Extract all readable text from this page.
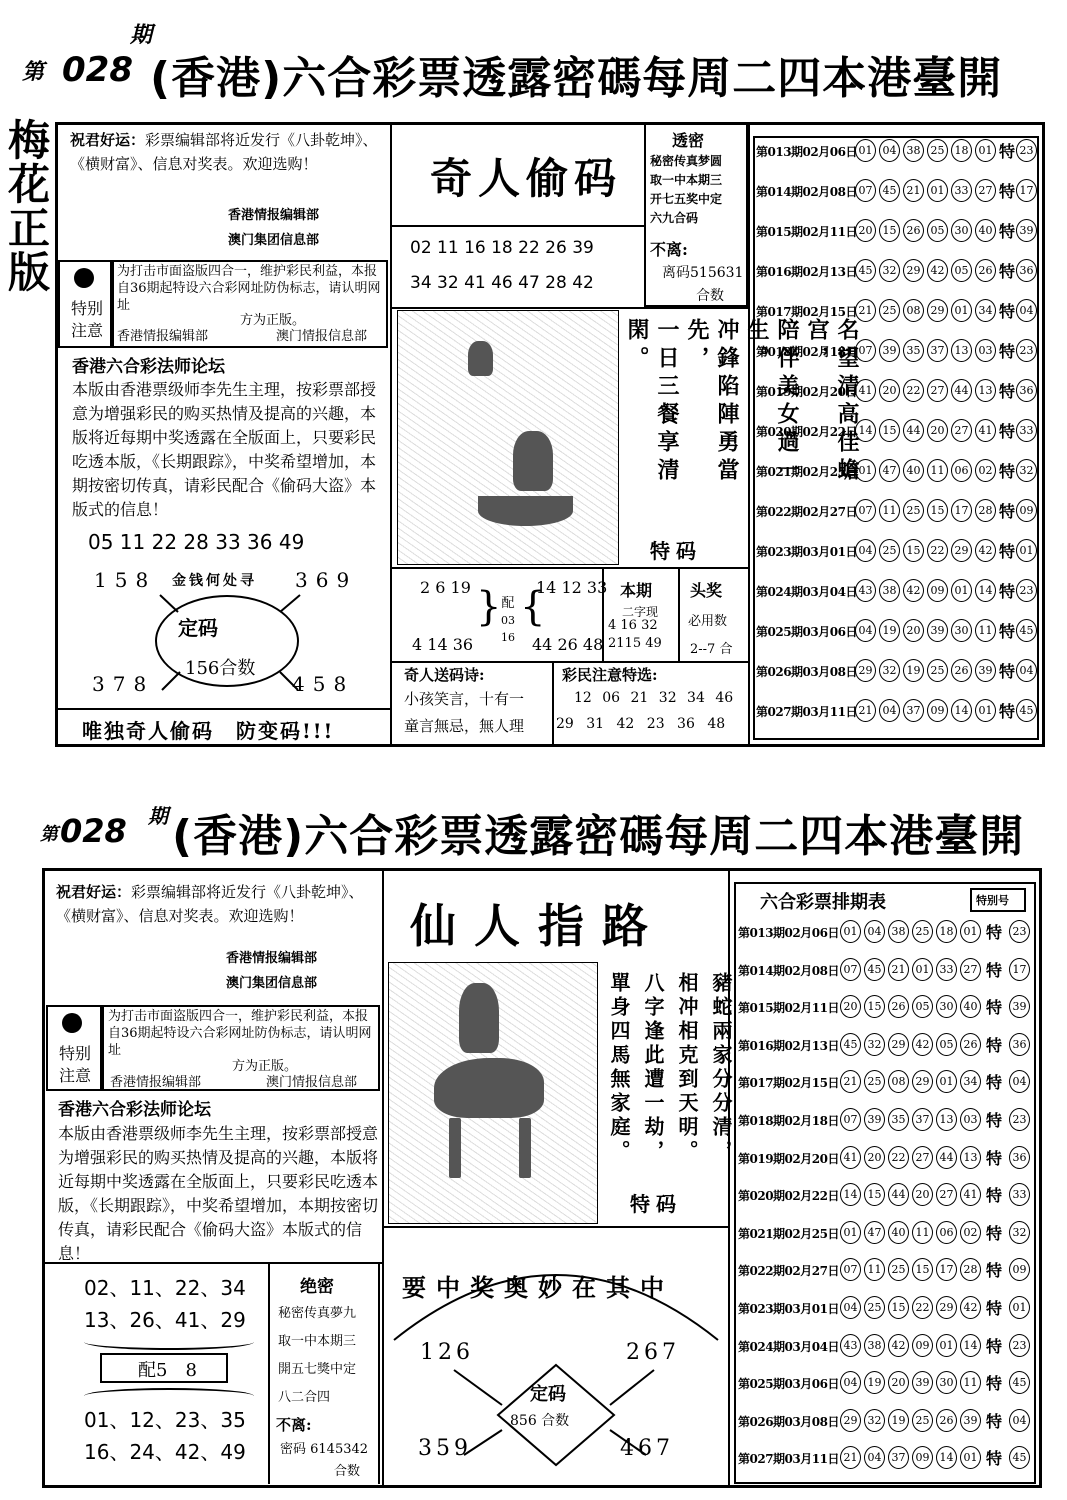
第 028
期
(香港)六合彩票透露密碼每周二四本港臺開
梅花正版 祝君好运：彩票编辑部将近发行《八卦乾坤》、《横财富》、信息对奖表。欢迎选购！
香港情报编辑部
澳门集团信息部
特别注意
为打击市面盗版四合一，维护彩民利益，本报自36期起特设六合彩网址防伪标志，请认明网址
方为正版。
香港情报编辑部	澳门情报信息部
香港六合彩法师论坛
本版由香港票级师李先生主理，按彩票部授意为增强彩民的购买热情及提高的兴趣，本版将近每期中奖透露在全版面上，只要彩民吃透本版，《长期跟踪》，中奖希望增加，本期按密切传真，请彩民配合《偷码大盗》本版式的信息！
05 11 22 28 33 36 49
158	369
378	458
金钱何处寻
定码
156合数
唯独奇人偷码　防变码!!!
奇人偷码
02 11 16 18 22 26 39
34 32 41 46 47 28 42
透密
秘密传真梦圆
取一中本期三
开七五奖中定
六九合码
不离:
离码515631
合数
名望清高佳蟾宫，
陪伴美女過一生。
冲鋒陷陣勇當先，
一日三餐享清閑。
特码
2 6 19
4 14 36
} 配
03 16
{
14 12 33
44 26 48
本期
二字现
4 16 32
2115 49
头奖
必用数
2--7 合
奇人送码诗:
小孩笑言，十有一
童言無忌，無人理
彩民注意特选:
12 06 21 32 34 46
29 31 42 23 36 48
第013期02月06日 01 04 38 25 18 01 特 23
第014期02月08日 07 45 21 01 33 27 特 17
第015期02月11日 20 15 26 05 30 40 特 39
第016期02月13日 45 32 29 42 05 26 特 36
第017期02月15日 21 25 08 29 01 34 特 04
第018期02月18日 07 39 35 37 13 03 特 23
第019期02月20日 41 20 22 27 44 13 特 36
第020期02月22日 14 15 44 20 27 41 特 33
第021期02月25日 01 47 40 11 06 02 特 32
第022期02月27日 07 11 25 15 17 28 特 09
第023期03月01日 04 25 15 22 29 42 特 01
第024期03月04日 43 38 42 09 01 14 特 23
第025期03月06日 04 19 20 39 30 11 特 45
第026期03月08日 29 32 19 25 26 39 特 04
第027期03月11日 21 04 37 09 14 01 特 45
第 028 期 (香港)六合彩票透露密碼每周二四本港臺開
祝君好运：彩票编辑部将近发行《八卦乾坤》、《横财富》、信息对奖表。欢迎选购！
香港情报编辑部
澳门集团信息部
特别注意
为打击市面盗版四合一，维护彩民利益，本报自36期起特设六合彩网址防伪标志，请认明网址
方为正版。
香港情报编辑部	澳门情报信息部
香港六合彩法师论坛
本版由香港票级师李先生主理，按彩票部授意为增强彩民的购买热情及提高的兴趣，本版将近每期中奖透露在全版面上，只要彩民吃透本版，《长期跟踪》，中奖希望增加，本期按密切传真，请彩民配合《偷码大盗》本版式的信息！
02、11、22、34
13、26、41、29
配5　8
01、12、23、35
16、24、42、49
绝密
秘密传真夢九
取一中本期三
開五七獎中定
八二合四
不离:
密码 6145342
合数
仙人指路
豬蛇兩家分分清，
相冲相克到天明。
八字逢此遭一劫，
單身四馬無家庭。
特码
要中奖奥妙在其中
126	267
359	467
定码
856 合数
六合彩票排期表	特别号
第013期02月06日 01 04 38 25 18 01 特 23
第014期02月08日 07 45 21 01 33 27 特 17
第015期02月11日 20 15 26 05 30 40 特 39
第016期02月13日 45 32 29 42 05 26 特 36
第017期02月15日 21 25 08 29 01 34 特 04
第018期02月18日 07 39 35 37 13 03 特 23
第019期02月20日 41 20 22 27 44 13 特 36
第020期02月22日 14 15 44 20 27 41 特 33
第021期02月25日 01 47 40 11 06 02 特 32
第022期02月27日 07 11 25 15 17 28 特 09
第023期03月01日 04 25 15 22 29 42 特 01
第024期03月04日 43 38 42 09 01 14 特 23
第025期03月06日 04 19 20 39 30 11 特 45
第026期03月08日 29 32 19 25 26 39 特 04
第027期03月11日 21 04 37 09 14 01 特 45
